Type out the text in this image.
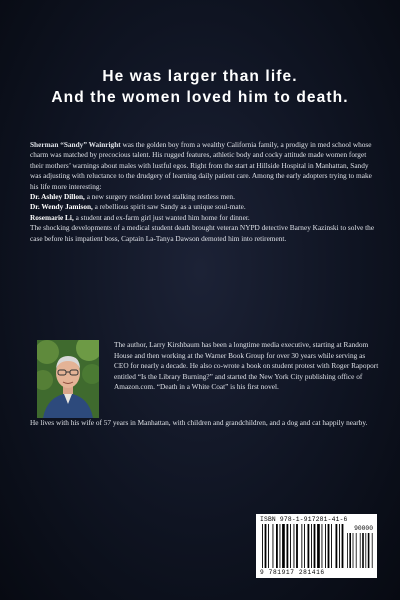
He was larger than life.
And the women loved him to death.

Sherman “Sandy” Wainright was the golden boy from a wealthy California family, a prodigy in med school whose charm was matched by precocious talent. His rugged features, athletic body and cocky attitude made women forget their mothers’ warnings about males with lustful egos. Right from the start at Hillside Hospital in Manhattan, Sandy was adjusting with reluctance to the drudgery of learning daily patient care. Among the early adopters trying to make his life more interesting:

Dr. Ashley Dillon, a new surgery resident loved stalking restless men.

Dr. Wendy Jamison, a rebellious spirit saw Sandy as a unique soul-mate.

Rosemarie Li, a student and ex-farm girl just wanted him home for dinner.

The shocking developments of a medical student death brought veteran NYPD detective Barney Kazinski to solve the case before his impatient boss, Captain La-Tanya Dawson demoted him into retirement.

The author, Larry Kirshbaum has been a longtime media executive, starting at Random House and then working at the Warner Book Group for over 30 years while serving as CEO for nearly a decade. He also co-wrote a book on student protest with Roger Rapoport entitled “Is the Library Burning?” and started the New York City publishing office of Amazon.com. “Death in a White Coat” is his first novel.

He lives with his wife of 57 years in Manhattan, with children and grandchildren, and a dog and cat happily nearby.

ISBN 978-1-917281-41-6
90000
9 781917 281416
